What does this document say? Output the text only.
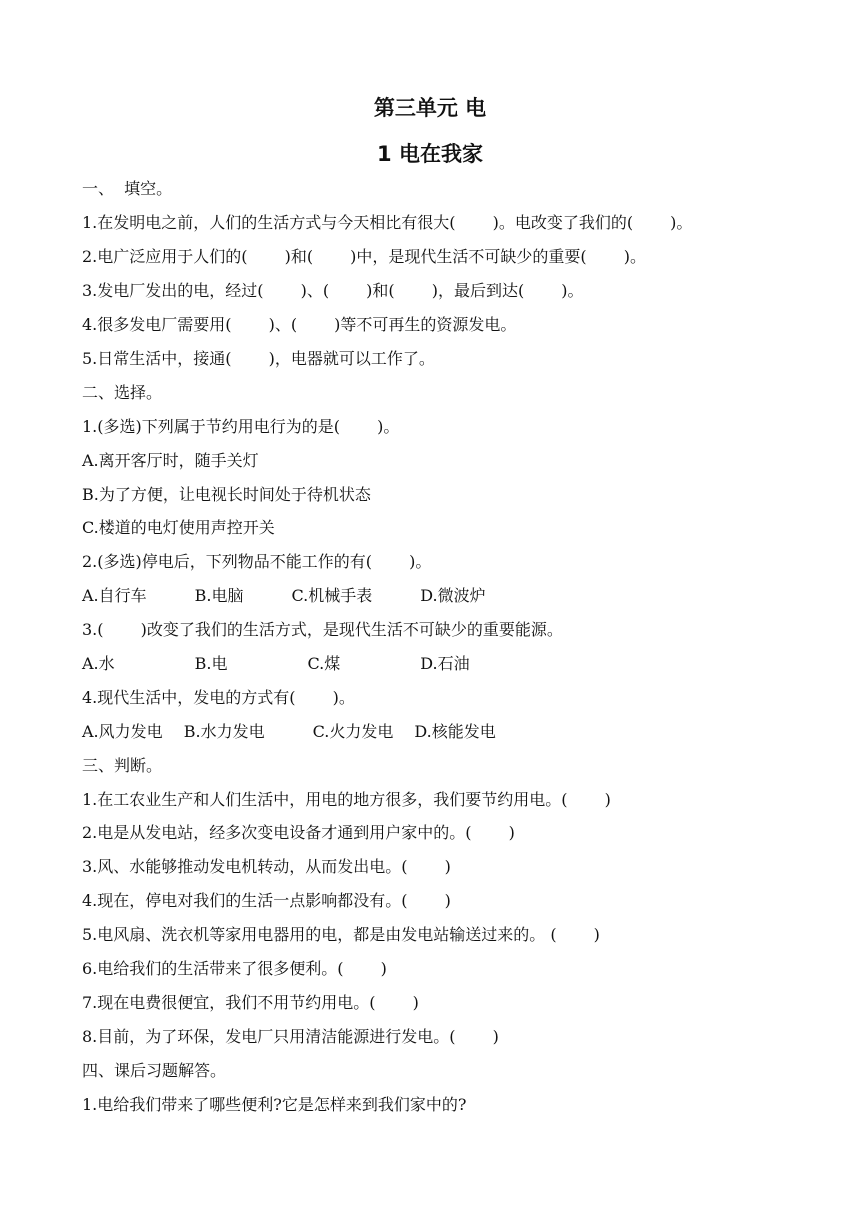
第三单元 电
1 电在我家
一、  填空。
1.在发明电之前，人们的生活方式与今天相比有很大(　　 )。电改变了我们的(　　 )。
2.电广泛应用于人们的(　　 )和(　　 )中，是现代生活不可缺少的重要(　　 )。
3.发电厂发出的电，经过(　　 )、(　　 )和(　　 )，最后到达(　　 )。
4.很多发电厂需要用(　　 )、(　　 )等不可再生的资源发电。
5.日常生活中，接通(　　 )，电器就可以工作了。
二、选择。
1.(多选)下列属于节约用电行为的是(　　 )。
A.离开客厅时，随手关灯
B.为了方便，让电视长时间处于待机状态
C.楼道的电灯使用声控开关
2.(多选)停电后，下列物品不能工作的有(　　 )。
A.自行车　　　B.电脑　　　C.机械手表　　　D.微波炉
3.(　　 )改变了我们的生活方式，是现代生活不可缺少的重要能源。
A.水　　　　　B.电　　　　　C.煤　　　　　D.石油
4.现代生活中，发电的方式有(　　 )。
A.风力发电　 B.水力发电　　　C.火力发电　 D.核能发电
三、判断。
1.在工农业生产和人们生活中，用电的地方很多，我们要节约用电。(　　 )
2.电是从发电站，经多次变电设备才通到用户家中的。(　　 )
3.风、水能够推动发电机转动，从而发出电。(　　 )
4.现在，停电对我们的生活一点影响都没有。(　　 )
5.电风扇、洗衣机等家用电器用的电，都是由发电站输送过来的。 (　　 )
6.电给我们的生活带来了很多便利。(　　 )
7.现在电费很便宜，我们不用节约用电。(　　 )
8.目前，为了环保，发电厂只用清洁能源进行发电。(　　 )
四、课后习题解答。
1.电给我们带来了哪些便利?它是怎样来到我们家中的?
